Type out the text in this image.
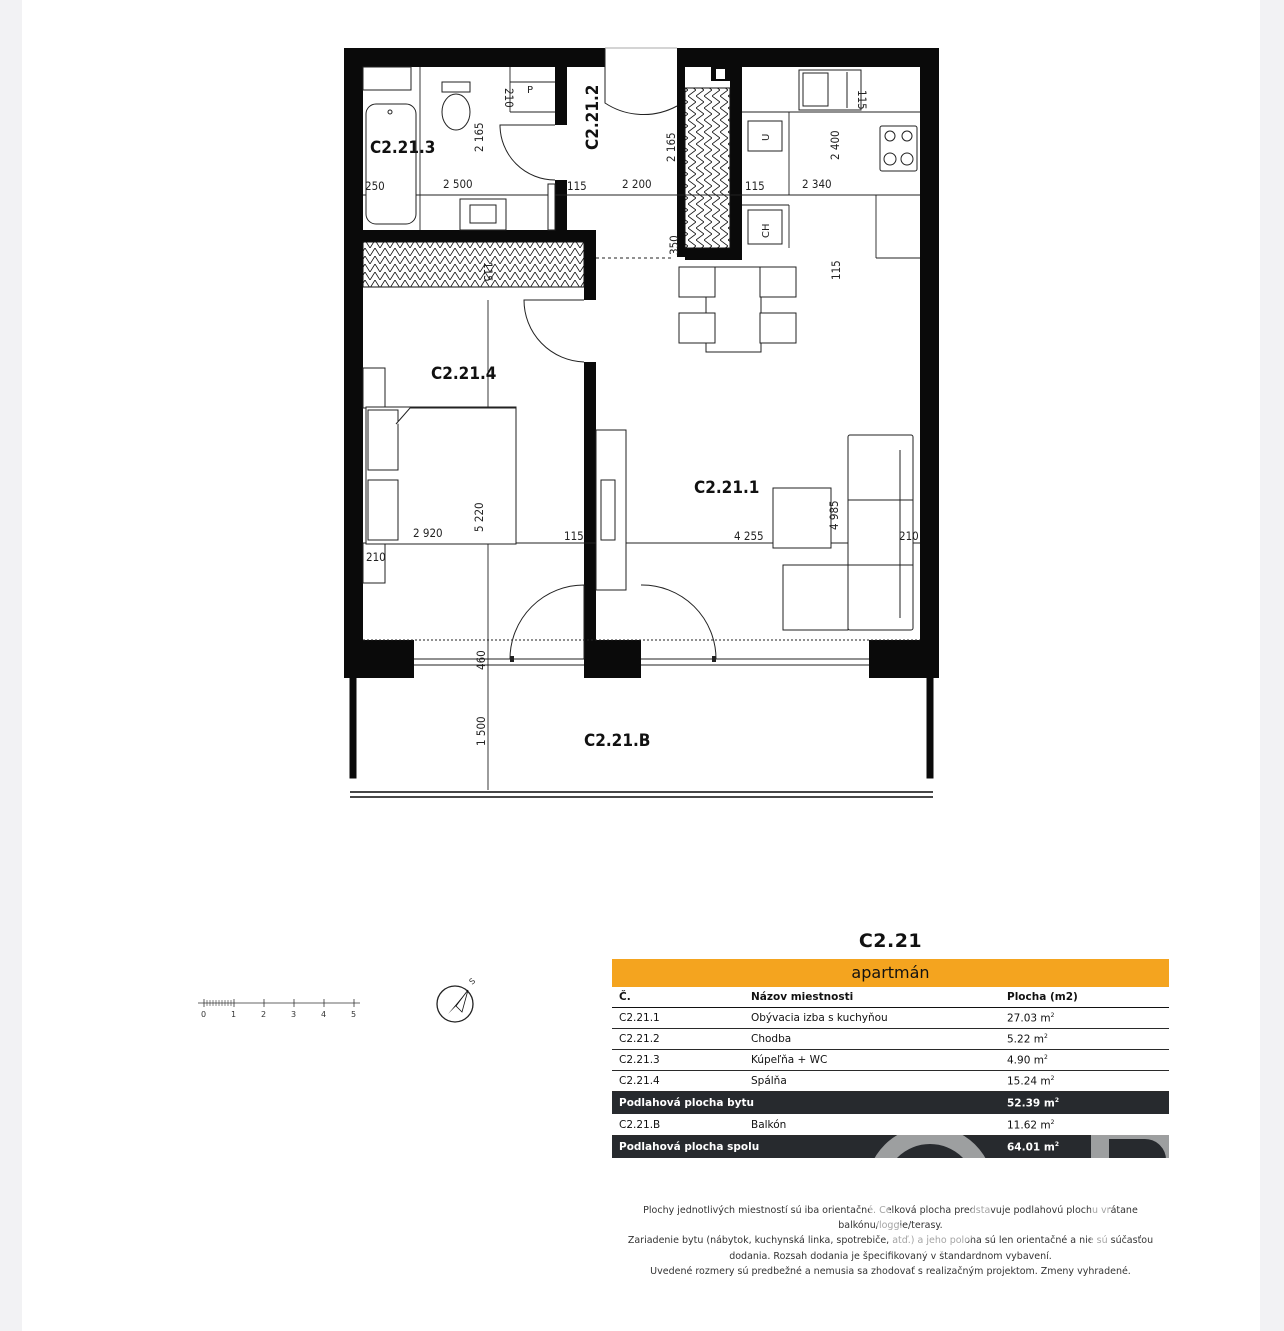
C2.21.3	C2.21.2
C2.21.4
C2.21.1
C2.21.B
P
U
CH
210
2 165
250	2 500	115	2 200
2 165
115
2 400
2 340
115
350
115	115
2 920
5 220
115	4 255
4 985
210
210
460
1 500
0	1	2	3	4	5
S
C2.21
apartmán
Č.	Názov miestnosti	Plocha (m2)
C2.21.1	Obývacia izba s kuchyňou	27.03 $m^2$
C2.21.2	Chodba	5.22 $m^2$
C2.21.3	Kúpeľňa + WC	4.90 $m^2$
C2.21.4	Spálňa	15.24 $m^2$
Podlahová plocha bytu		52.39 $m^2$
C2.21.B	Balkón	11.62 $m^2$
Podlahová plocha spolu		64.01 $m^2$
Plochy jednotlivých miestností sú iba orientačné. Celková plocha predstavuje podlahovú plochu vrátane
balkónu/loggie/terasy.
Zariadenie bytu (nábytok, kuchynská linka, spotrebiče, atď.) a jeho poloha sú len orientačné a nie sú súčasťou
dodania. Rozsah dodania je špecifikovaný v štandardnom vybavení.
Uvedené rozmery sú predbežné a nemusia sa zhodovať s realizačným projektom. Zmeny vyhradené.
